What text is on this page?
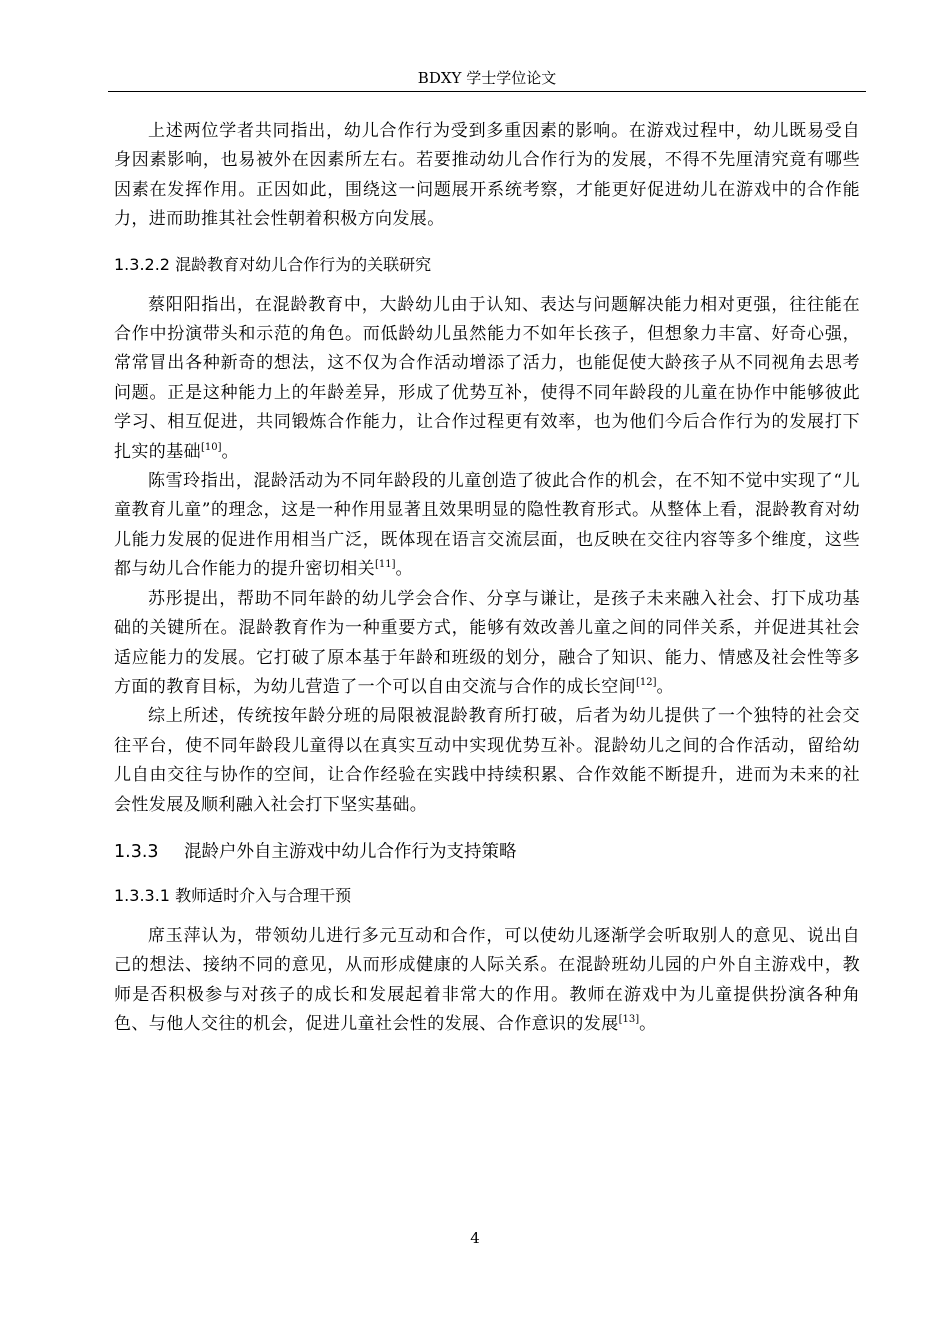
BDXY 学士学位论文

上述两位学者共同指出，幼儿合作行为受到多重因素的影响。在游戏过程中，幼儿既易受自身因素影响，也易被外在因素所左右。若要推动幼儿合作行为的发展，不得不先厘清究竟有哪些因素在发挥作用。正因如此，围绕这一问题展开系统考察，才能更好促进幼儿在游戏中的合作能力，进而助推其社会性朝着积极方向发展。

1.3.2.2 混龄教育对幼儿合作行为的关联研究

蔡阳阳指出，在混龄教育中，大龄幼儿由于认知、表达与问题解决能力相对更强，往往能在合作中扮演带头和示范的角色。而低龄幼儿虽然能力不如年长孩子，但想象力丰富、好奇心强，常常冒出各种新奇的想法，这不仅为合作活动增添了活力，也能促使大龄孩子从不同视角去思考问题。正是这种能力上的年龄差异，形成了优势互补，使得不同年龄段的儿童在协作中能够彼此学习、相互促进，共同锻炼合作能力，让合作过程更有效率，也为他们今后合作行为的发展打下扎实的基础[10]。

陈雪玲指出，混龄活动为不同年龄段的儿童创造了彼此合作的机会，在不知不觉中实现了“儿童教育儿童”的理念，这是一种作用显著且效果明显的隐性教育形式。从整体上看，混龄教育对幼儿能力发展的促进作用相当广泛，既体现在语言交流层面，也反映在交往内容等多个维度，这些都与幼儿合作能力的提升密切相关[11]。

苏彤提出，帮助不同年龄的幼儿学会合作、分享与谦让，是孩子未来融入社会、打下成功基础的关键所在。混龄教育作为一种重要方式，能够有效改善儿童之间的同伴关系，并促进其社会适应能力的发展。它打破了原本基于年龄和班级的划分，融合了知识、能力、情感及社会性等多方面的教育目标，为幼儿营造了一个可以自由交流与合作的成长空间[12]。

综上所述，传统按年龄分班的局限被混龄教育所打破，后者为幼儿提供了一个独特的社会交往平台，使不同年龄段儿童得以在真实互动中实现优势互补。混龄幼儿之间的合作活动，留给幼儿自由交往与协作的空间，让合作经验在实践中持续积累、合作效能不断提升，进而为未来的社会性发展及顺利融入社会打下坚实基础。

1.3.3 混龄户外自主游戏中幼儿合作行为支持策略

1.3.3.1 教师适时介入与合理干预

席玉萍认为，带领幼儿进行多元互动和合作，可以使幼儿逐渐学会听取别人的意见、说出自己的想法、接纳不同的意见，从而形成健康的人际关系。在混龄班幼儿园的户外自主游戏中，教师是否积极参与对孩子的成长和发展起着非常大的作用。教师在游戏中为儿童提供扮演各种角色、与他人交往的机会，促进儿童社会性的发展、合作意识的发展[13]。

4
